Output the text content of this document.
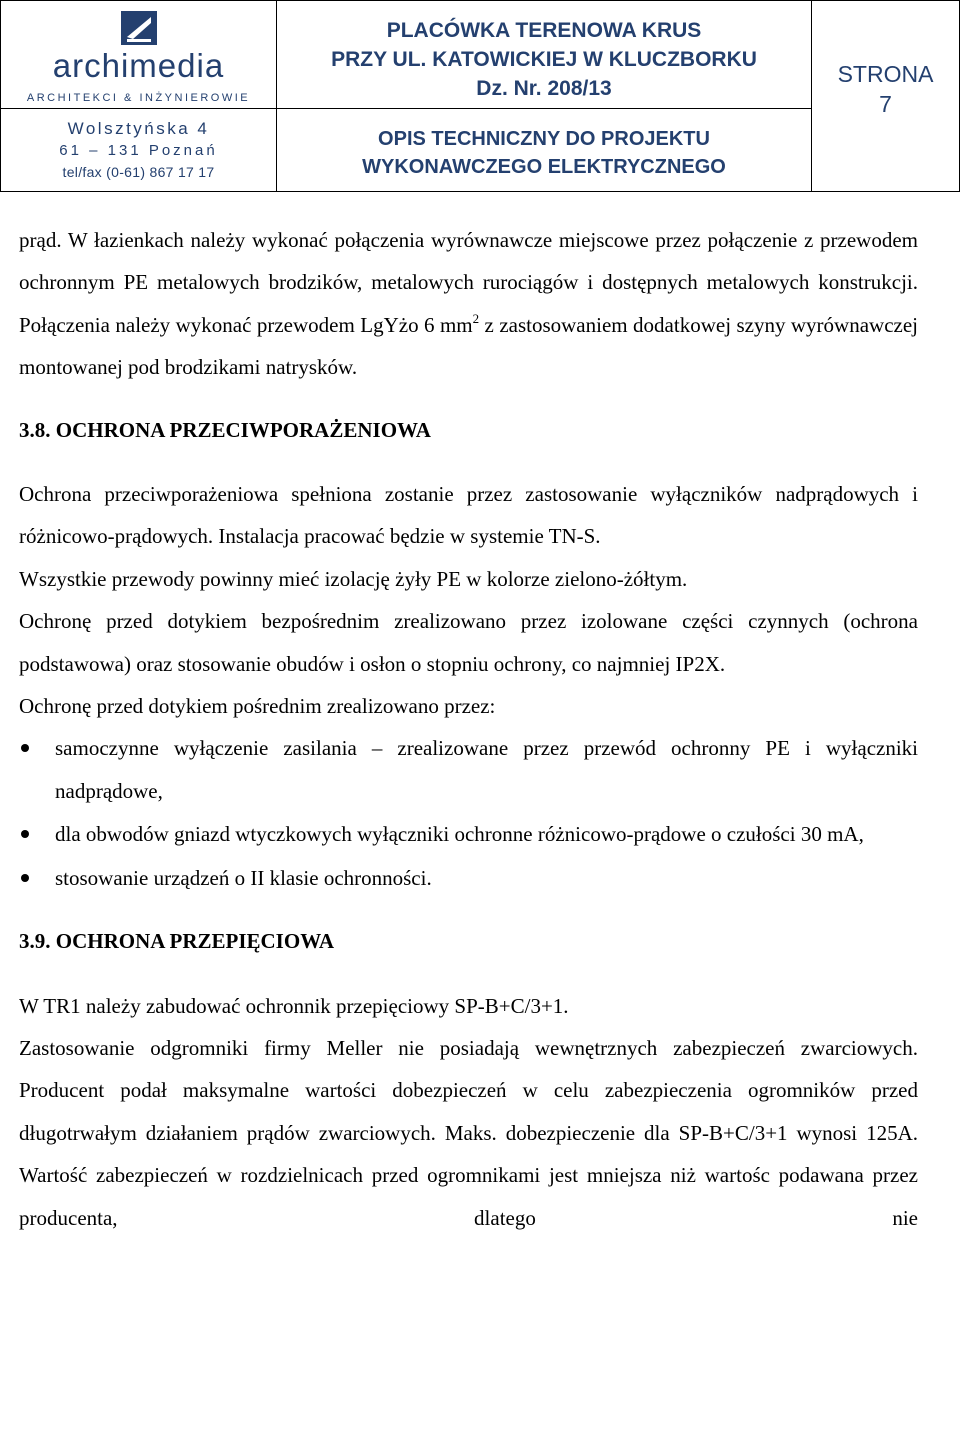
archimedia
ARCHITEKCI & INŻYNIEROWIE
Wolsztyńska 4
61 – 131 Poznań
tel/fax (0-61) 867 17 17
PLACÓWKA TERENOWA KRUS
PRZY UL. KATOWICKIEJ W KLUCZBORKU
Dz. Nr. 208/13
OPIS TECHNICZNY DO PROJEKTU
WYKONAWCZEGO ELEKTRYCZNEGO
STRONA
7

prąd. W łazienkach należy wykonać połączenia wyrównawcze miejscowe przez połączenie z przewodem ochronnym PE metalowych brodzików, metalowych rurociągów i dostępnych metalowych konstrukcji. Połączenia należy wykonać przewodem LgYżo 6 $mm^2$ z zastosowaniem dodatkowej szyny wyrównawczej montowanej pod brodzikami natrysków.

3.8. OCHRONA PRZECIWPORAŻENIOWA

Ochrona przeciwporażeniowa spełniona zostanie przez zastosowanie wyłączników nadprądowych i różnicowo-prądowych. Instalacja pracować będzie w systemie TN-S.

Wszystkie przewody powinny mieć izolację żyły PE w kolorze zielono-żółtym.

Ochronę przed dotykiem bezpośrednim zrealizowano przez izolowane części czynnych (ochrona podstawowa) oraz stosowanie obudów i osłon o stopniu ochrony, co najmniej IP2X.

Ochronę przed dotykiem pośrednim zrealizowano przez:

samoczynne wyłączenie zasilania – zrealizowane przez przewód ochronny PE i wyłączniki nadprądowe,
dla obwodów gniazd wtyczkowych wyłączniki ochronne różnicowo-prądowe o czułości 30 mA,
stosowanie urządzeń o II klasie ochronności.

3.9. OCHRONA PRZEPIĘCIOWA

W TR1 należy zabudować ochronnik przepięciowy SP-B+C/3+1.

Zastosowanie odgromniki firmy Meller nie posiadają wewnętrznych zabezpieczeń zwarciowych. Producent podał maksymalne wartości dobezpieczeń w celu zabezpieczenia ogromników przed długotrwałym działaniem prądów zwarciowych. Maks. dobezpieczenie dla SP-B+C/3+1 wynosi 125A. Wartość zabezpieczeń w rozdzielnicach przed ogromnikami jest mniejsza niż wartośc podawana przez producenta, dlatego nie
